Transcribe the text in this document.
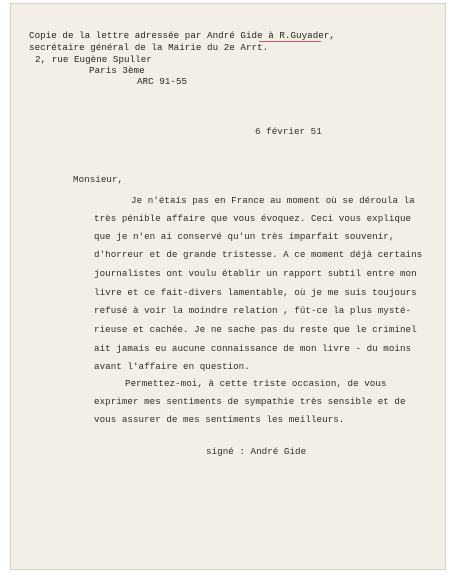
Copie de la lettre adressée par André Gide à R.Guyader,
secrétaire général de la Mairie du 2e Arrt.
2, rue Eugène Spuller
Paris 3ème
ARC 91-55
6 février 51
Monsieur,
Je n'étais pas en France au moment où se déroula la
très pénible affaire que vous évoquez. Ceci vous explique
que je n'en ai conservé qu'un très imparfait souvenir,
d'horreur et de grande tristesse. A ce moment déjà certains
journalistes ont voulu établir un rapport subtil entre mon
livre et ce fait-divers lamentable, où je me suis toujours
refusé à voir la moindre relation , fût-ce la plus mysté-
rieuse et cachée. Je ne sache pas du reste que le criminel
ait jamais eu aucune connaissance de mon livre - du moins
avant l'affaire en question.
Permettez-moi, à cette triste occasion, de vous
exprimer mes sentiments de sympathie très sensible et de
vous assurer de mes sentiments les meilleurs.
signé : André Gide
